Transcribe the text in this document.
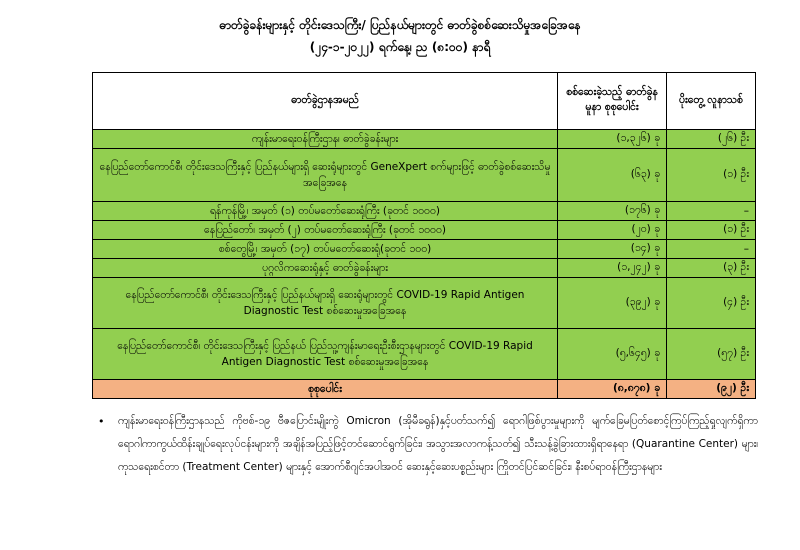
ဓာတ်ခွဲခန်းများနှင့် တိုင်းဒေသကြီး/ ပြည်နယ်များတွင် ဓာတ်ခွဲစစ်ဆေးသိမှုအခြေအနေ
(၂၄-၁-၂၀၂၂) ရက်နေ့၊ ည (၈:၀၀) နာရီ
ဓာတ်ခွဲဌာနအမည်	စစ်ဆေးခဲ့သည့် ဓာတ်ခွဲနမူနာ စုစုပေါင်း	ပိုးတွေ့ လူနာသစ်
ကျန်းမာရေးဝန်ကြီးဌာန၊ ဓာတ်ခွဲခန်းများ	(၁,၃၂၆) ခု	(၂၆) ဦး
နေပြည်တော်ကောင်စီ၊ တိုင်းဒေသကြီးနှင့် ပြည်နယ်များရှိ ဆေးရုံများတွင် GeneXpert စက်များဖြင့် ဓာတ်ခွဲစစ်ဆေးသိမှုအခြေအနေ	(၆၃) ခု	(၁) ဦး
ရန်ကုန်မြို့၊ အမှတ် (၁) တပ်မတော်ဆေးရုံကြီး (ခုတင် ၁၀၀၀)	(၁၇၆) ခု	–
နေပြည်တော်၊ အမှတ် (၂) တပ်မတော်ဆေးရုံကြီး (ခုတင် ၁၀၀၀)	(၂၀) ခု	(၁) ဦး
စစ်တွေမြို့၊ အမှတ် (၁၇) တပ်မတော်ဆေးရုံ(ခုတင် ၁၀၀)	(၁၄) ခု	–
ပုဂ္ဂလိကဆေးရုံနှင့် ဓာတ်ခွဲခန်းများ	(၁,၂၄၂) ခု	(၃) ဦး
နေပြည်တော်ကောင်စီ၊ တိုင်းဒေသကြီးနှင့် ပြည်နယ်များရှိ ဆေးရုံများတွင် COVID-19 Rapid Antigen Diagnostic Test စစ်ဆေးမှုအခြေအနေ	(၃၉၂) ခု	(၄) ဦး
နေပြည်တော်ကောင်စီ၊ တိုင်းဒေသကြီးနှင့် ပြည်နယ် ပြည်သူ့ကျန်းမာရေးဦးစီးဌာနများတွင် COVID-19 Rapid Antigen Diagnostic Test စစ်ဆေးမှုအခြေအနေ	(၅,၆၄၅) ခု	(၅၇) ဦး
စုစုပေါင်း	(၈,၈၇၈) ခု	(၉၂) ဦး
• ကျန်းမာရေးဝန်ကြီးဌာနသည် ကိုဗစ်-၁၉ ဗီဇပြောင်းမျိုးကွဲ Omicron (အိုမီခရွန်)နှင့်ပတ်သက်၍ ရောဂါဖြစ်ပွားမှုများကို မျက်ခြေမပြတ်စောင့်ကြပ်ကြည့်ရှုလျက်ရှိကာ ရောဂါကာကွယ်ထိန်းချုပ်ရေးလုပ်ငန်းများကို အချိန်အပြည့်ဖြင့်တင်ဆောင်ရွက်ခြင်း၊ အသွားအလာကန့်သတ်၍ သီးသန့်ခွဲခြားထားရှိရာနေရာ (Quarantine Center) များ၊ ကုသရေးစင်တာ (Treatment Center) များနှင့် အောက်စီဂျင်အပါအဝင် ဆေးနှင့်ဆေးပစ္စည်းများ ကြိုတင်ပြင်ဆင်ခြင်း၊ နီးစပ်ရာဝန်ကြီးဌာနများ
